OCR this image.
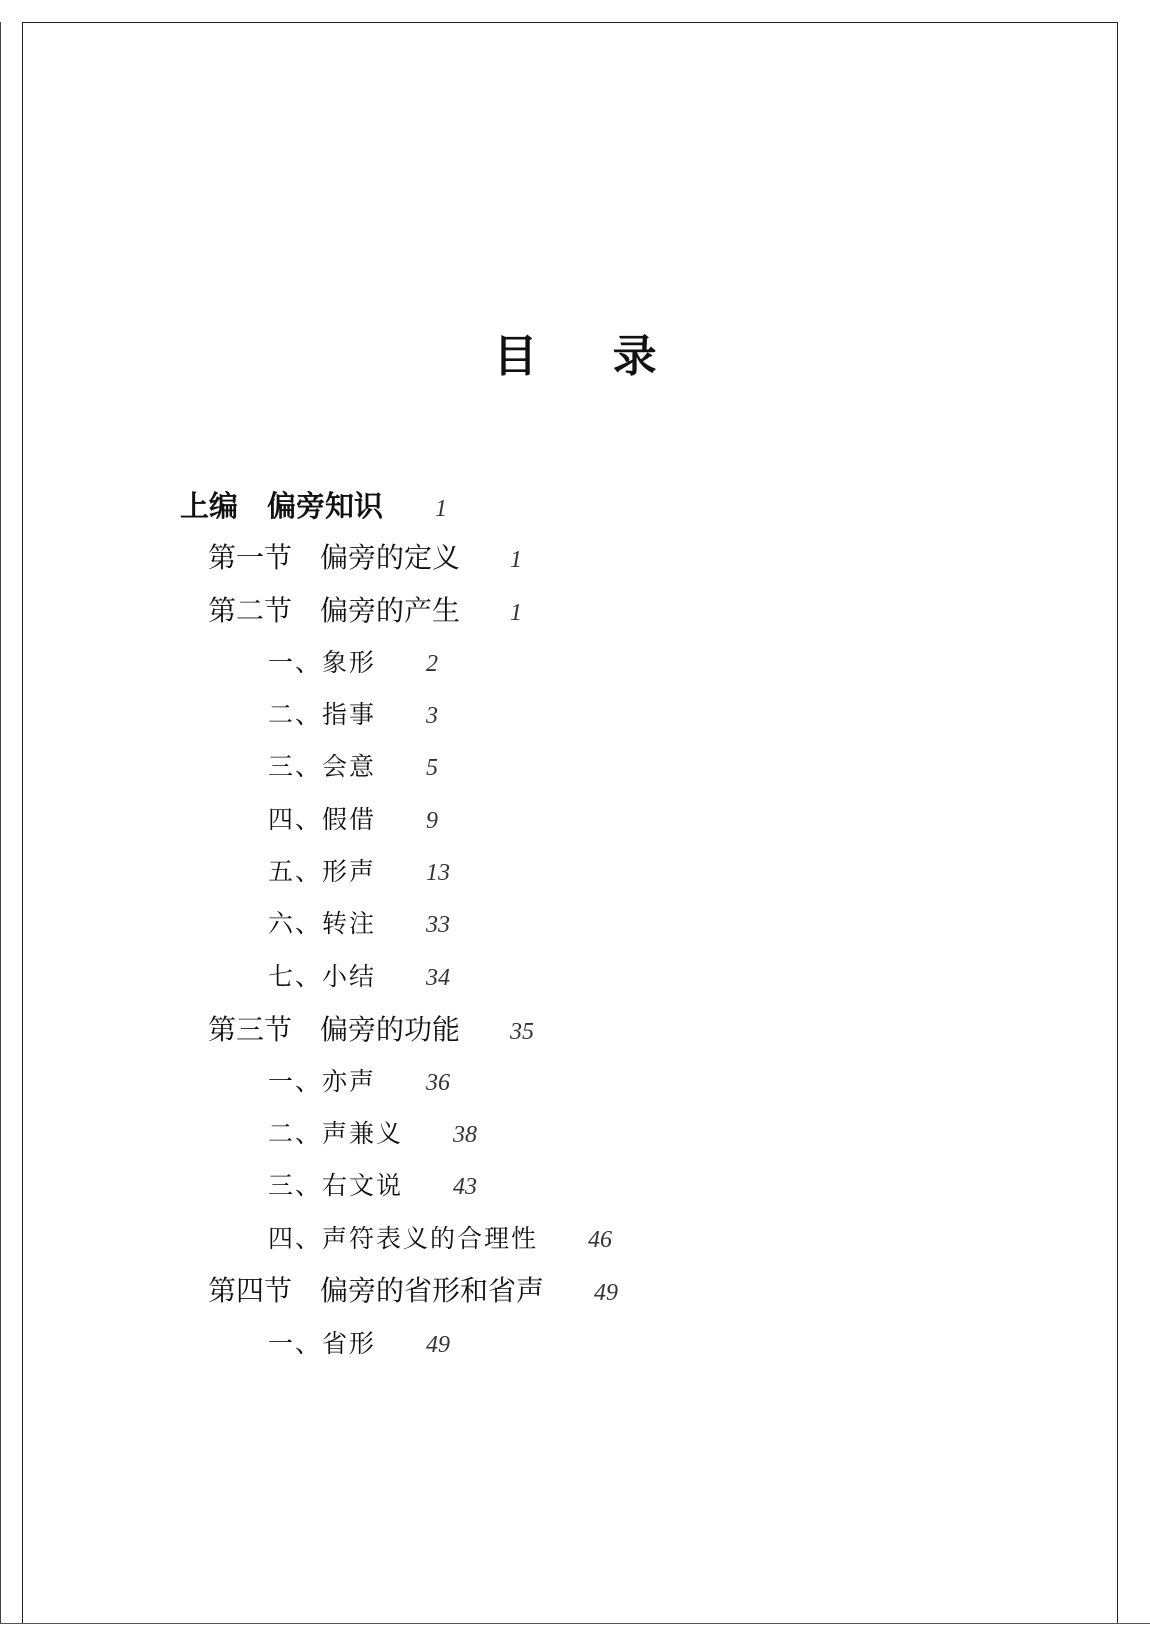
目 录
上编　偏旁知识 1
第一节　偏旁的定义 1
第二节　偏旁的产生 1
一、象形 2
二、指事 3
三、会意 5
四、假借 9
五、形声 13
六、转注 33
七、小结 34
第三节　偏旁的功能 35
一、亦声 36
二、声兼义 38
三、右文说 43
四、声符表义的合理性 46
第四节　偏旁的省形和省声 49
一、省形 49
